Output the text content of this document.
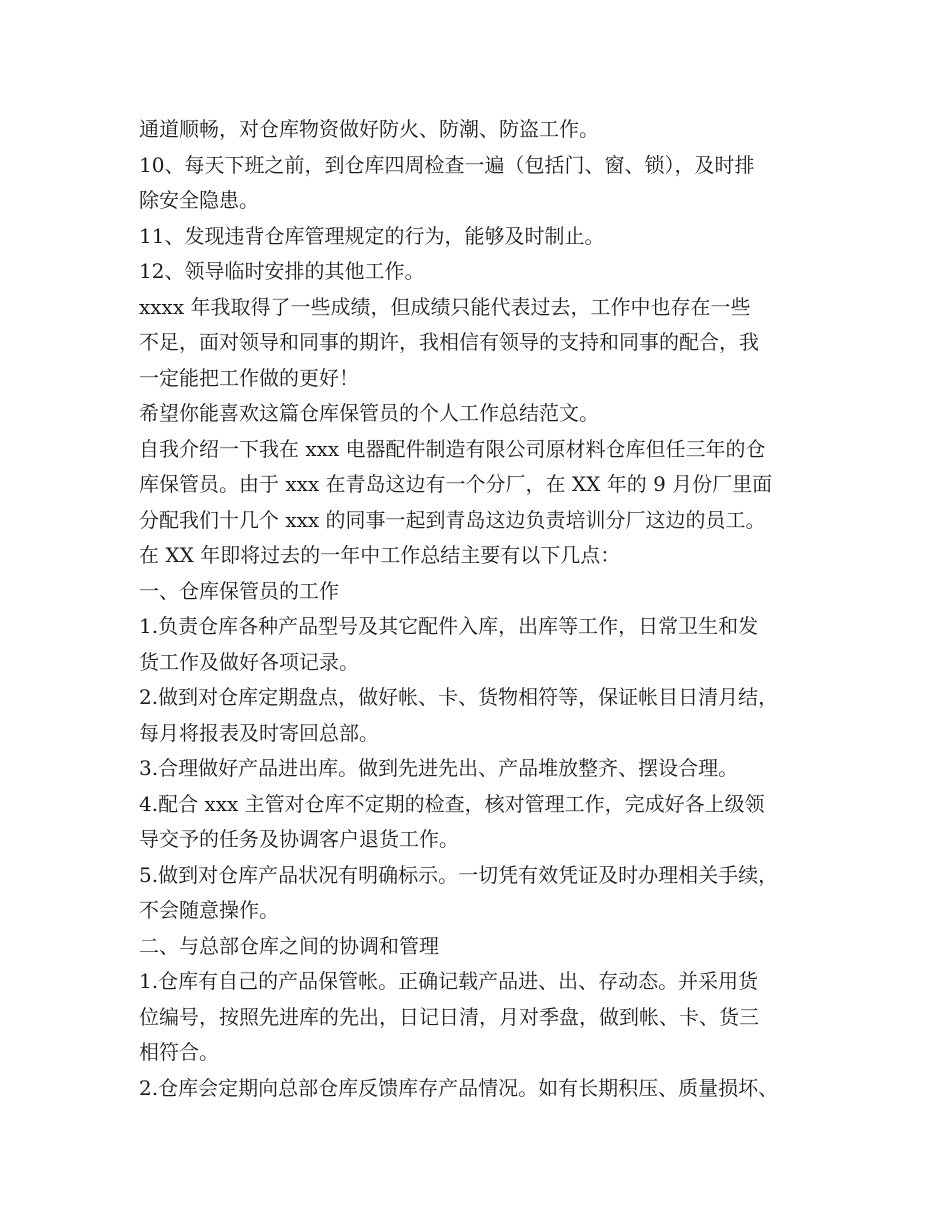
通道顺畅，对仓库物资做好防火、防潮、防盗工作。
10、每天下班之前，到仓库四周检查一遍（包括门、窗、锁），及时排
除安全隐患。
11、发现违背仓库管理规定的行为，能够及时制止。
12、领导临时安排的其他工作。
xxxx 年我取得了一些成绩，但成绩只能代表过去，工作中也存在一些
不足，面对领导和同事的期许，我相信有领导的支持和同事的配合，我
一定能把工作做的更好！
希望你能喜欢这篇仓库保管员的个人工作总结范文。
自我介绍一下我在 xxx 电器配件制造有限公司原材料仓库但任三年的仓
库保管员。由于 xxx 在青岛这边有一个分厂，在 XX 年的 9 月份厂里面
分配我们十几个 xxx 的同事一起到青岛这边负责培训分厂这边的员工。
在 XX 年即将过去的一年中工作总结主要有以下几点：
一、仓库保管员的工作
1.负责仓库各种产品型号及其它配件入库，出库等工作，日常卫生和发
货工作及做好各项记录。
2.做到对仓库定期盘点，做好帐、卡、货物相符等，保证帐目日清月结，
每月将报表及时寄回总部。
3.合理做好产品进出库。做到先进先出、产品堆放整齐、摆设合理。
4.配合 xxx 主管对仓库不定期的检查，核对管理工作，完成好各上级领
导交予的任务及协调客户退货工作。
5.做到对仓库产品状况有明确标示。一切凭有效凭证及时办理相关手续，
不会随意操作。
二、与总部仓库之间的协调和管理
1.仓库有自己的产品保管帐。正确记载产品进、出、存动态。并采用货
位编号，按照先进库的先出，日记日清，月对季盘，做到帐、卡、货三
相符合。
2.仓库会定期向总部仓库反馈库存产品情况。如有长期积压、质量损坏、
